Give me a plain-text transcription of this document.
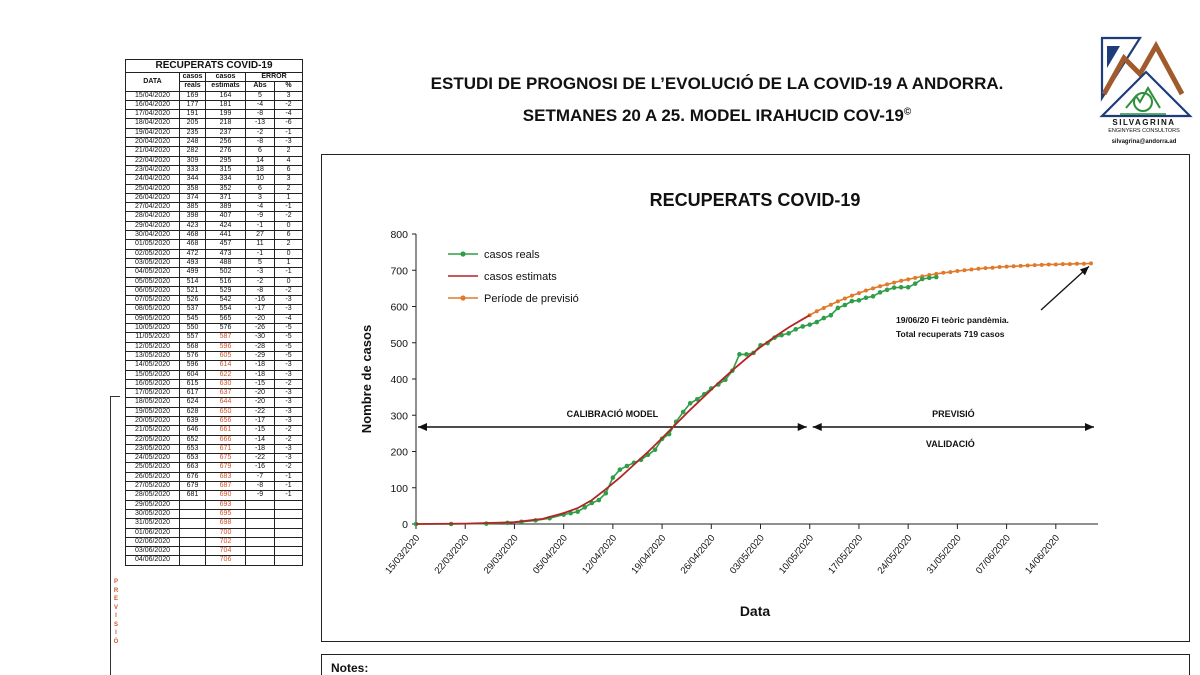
RECUPERATS COVID-19				
DATA	casos	casos	ERROR	
	reals	estimats	Abs	%
15/04/2020	169	164	5	3
16/04/2020	177	181	-4	-2
17/04/2020	191	199	-8	-4
18/04/2020	205	218	-13	-6
19/04/2020	235	237	-2	-1
20/04/2020	248	256	-8	-3
21/04/2020	282	276	6	2
22/04/2020	309	295	14	4
23/04/2020	333	315	18	6
24/04/2020	344	334	10	3
25/04/2020	358	352	6	2
26/04/2020	374	371	3	1
27/04/2020	385	389	-4	-1
28/04/2020	398	407	-9	-2
29/04/2020	423	424	-1	0
30/04/2020	468	441	27	6
01/05/2020	468	457	11	2
02/05/2020	472	473	-1	0
03/05/2020	493	488	5	1
04/05/2020	499	502	-3	-1
05/05/2020	514	516	-2	0
06/05/2020	521	529	-8	-2
07/05/2020	526	542	-16	-3
08/05/2020	537	554	-17	-3
09/05/2020	545	565	-20	-4
10/05/2020	550	576	-26	-5
11/05/2020	557	587	-30	-5
12/05/2020	568	596	-28	-5
13/05/2020	576	605	-29	-5
14/05/2020	596	614	-18	-3
15/05/2020	604	622	-18	-3
16/05/2020	615	630	-15	-2
17/05/2020	617	637	-20	-3
18/05/2020	624	644	-20	-3
19/05/2020	628	650	-22	-3
20/05/2020	639	656	-17	-3
21/05/2020	646	661	-15	-2
22/05/2020	652	666	-14	-2
23/05/2020	653	671	-18	-3
24/05/2020	653	675	-22	-3
25/05/2020	663	679	-16	-2
26/05/2020	676	683	-7	-1
27/05/2020	679	687	-8	-1
28/05/2020	681	690	-9	-1
29/05/2020		693		
30/05/2020		695		
31/05/2020		698		
01/06/2020		700		
02/06/2020		702		
03/06/2020		704		
04/06/2020		706		
P
R
E
V
I
S
I
Ó
ESTUDI DE PROGNOSI DE L’EVOLUCIÓ DE LA COVID-19 A ANDORRA.
SETMANES 20 A 25. MODEL IRAHUCID COV-19©
SILVAGRINA
ENGINYERS CONSULTORS
silvagrina@andorra.ad
RECUPERATS COVID-19
0
100
200
300
400
500
600
700
800
15/03/2020 22/03/2020 29/03/2020 05/04/2020 12/04/2020 19/04/2020 26/04/2020 03/05/2020 10/05/2020 17/05/2020 24/05/2020 31/05/2020 07/06/2020 14/06/2020
Data
Nombre de casos	CALIBRACIÓ MODEL	PREVISIÓ
VALIDACIÓ
casos reals
casos estimats
Període de previsió
19/06/20 Fi teòric pandèmia.
Total recuperats 719 casos
Notes:
